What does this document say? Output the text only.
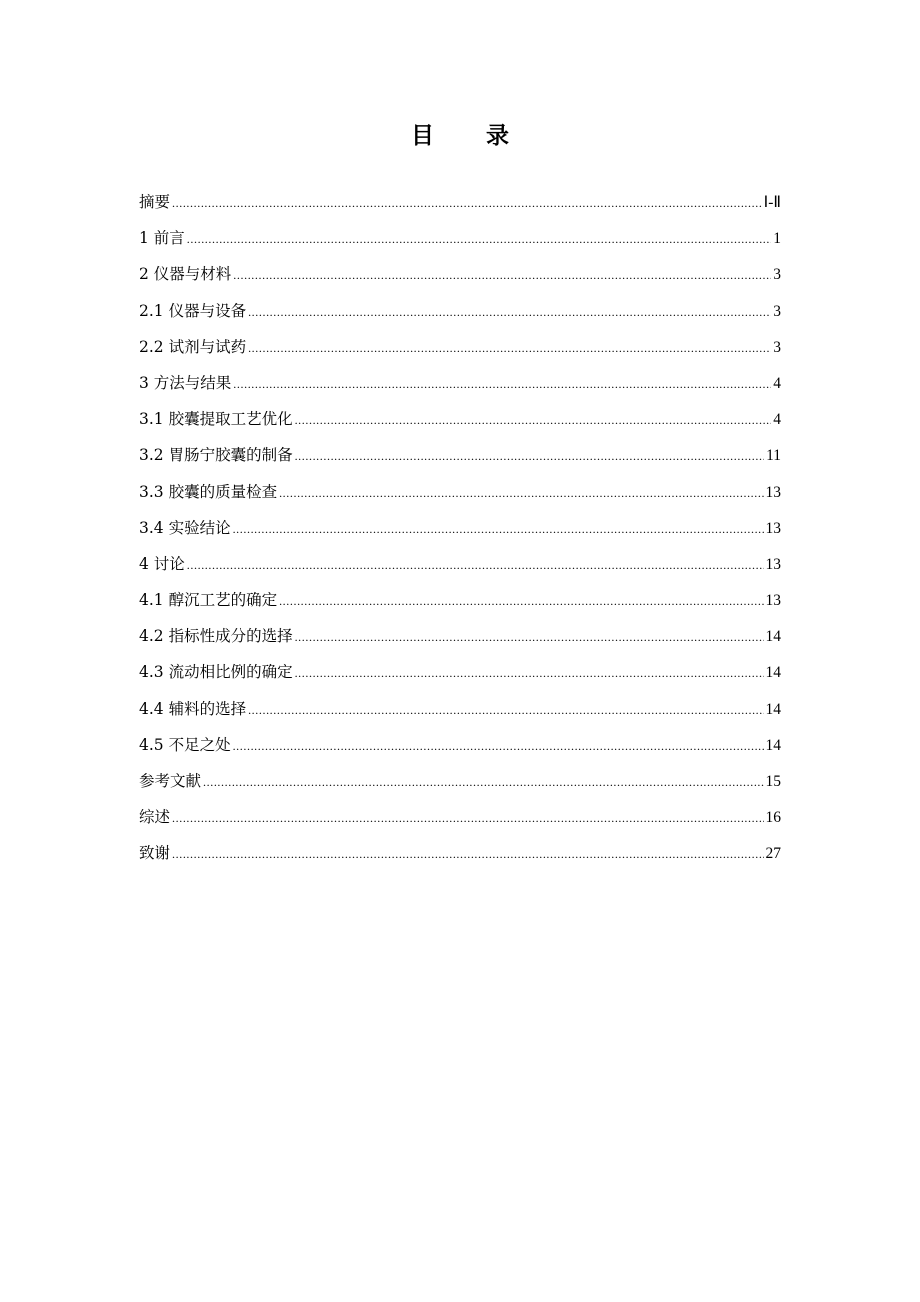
目 录
摘要 .....	Ⅰ-Ⅱ
1 前言 .....	1
2 仪器与材料 .....	3
2.1 仪器与设备 .....	3
2.2 试剂与试药 .....	3
3 方法与结果 .....	4
3.1 胶囊提取工艺优化 .....	4
3.2 胃肠宁胶囊的制备 .....	11
3.3 胶囊的质量检查 .....	13
3.4 实验结论 .....	13
4 讨论 .....	13
4.1 醇沉工艺的确定 .....	13
4.2 指标性成分的选择 .....	14
4.3 流动相比例的确定 .....	14
4.4 辅料的选择 .....	14
4.5 不足之处 .....	14
参考文献 .....	15
综述 .....	16
致谢 .....	27
